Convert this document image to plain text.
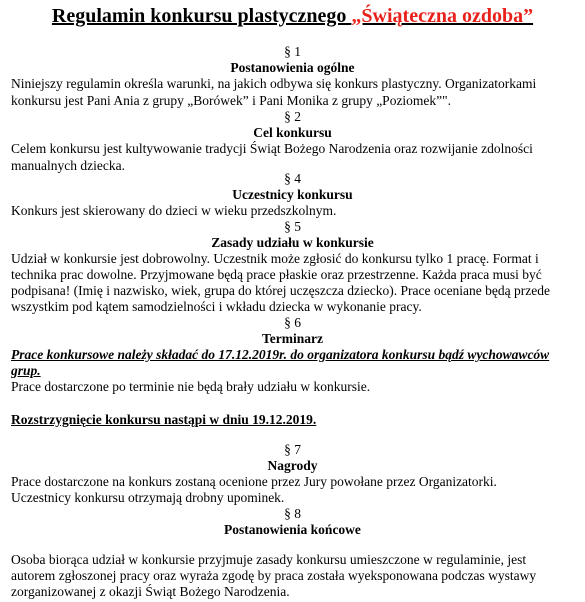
Regulamin konkursu plastycznego „Świąteczna ozdoba”
§ 1
Postanowienia ogólne
Niniejszy regulamin określa warunki, na jakich odbywa się konkurs plastyczny. Organizatorkami
konkursu jest Pani Ania z grupy „Borówek” i Pani Monika z grupy „Poziomek”".
§ 2
Cel konkursu
Celem konkursu jest kultywowanie tradycji Świąt Bożego Narodzenia oraz rozwijanie zdolności
manualnych dziecka.
§ 4
Uczestnicy konkursu
Konkurs jest skierowany do dzieci w wieku przedszkolnym.
§ 5
Zasady udziału w konkursie
Udział w konkursie jest dobrowolny. Uczestnik może zgłosić do konkursu tylko 1 pracę. Format i
technika prac dowolne. Przyjmowane będą prace płaskie oraz przestrzenne. Każda praca musi być
podpisana! (Imię i nazwisko, wiek, grupa do której uczęszcza dziecko). Prace oceniane będą przede
wszystkim pod kątem samodzielności i wkładu dziecka w wykonanie pracy.
§ 6
Terminarz
Prace konkursowe należy składać do 17.12.2019r. do organizatora konkursu bądź wychowawców
grup.
Prace dostarczone po terminie nie będą brały udziału w konkursie.
Rozstrzygnięcie konkursu nastąpi w dniu 19.12.2019.
§ 7
Nagrody
Prace dostarczone na konkurs zostaną ocenione przez Jury powołane przez Organizatorki.
Uczestnicy konkursu otrzymają drobny upominek.
§ 8
Postanowienia końcowe
Osoba biorąca udział w konkursie przyjmuje zasady konkursu umieszczone w regulaminie, jest
autorem zgłoszonej pracy oraz wyraża zgodę by praca została wyeksponowana podczas wystawy
zorganizowanej z okazji Świąt Bożego Narodzenia.
